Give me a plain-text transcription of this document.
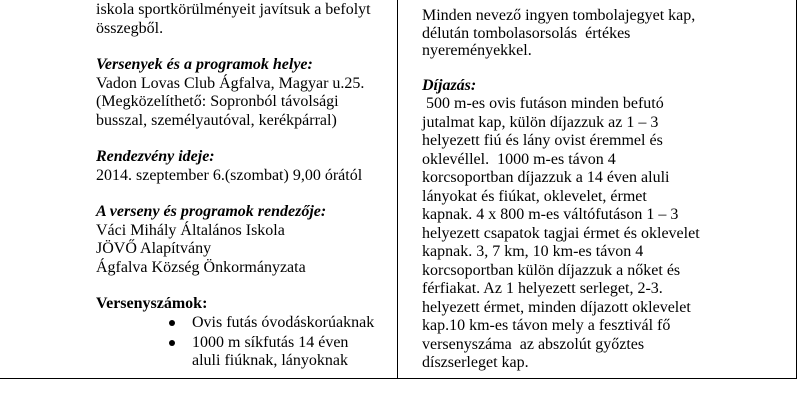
iskola sportkörülményeit javítsuk a befolyt
összegből.
Versenyek és a programok helye:
Vadon Lovas Club Ágfalva, Magyar u.25.
(Megközelíthető: Sopronból távolsági
busszal, személyautóval, kerékpárral)
Rendezvény ideje:
2014. szeptember 6.(szombat) 9,00 órától
A verseny és programok rendezője:
Váci Mihály Általános Iskola
JÖVŐ Alapítvány
Ágfalva Község Önkormányzata
Versenyszámok:
Ovis futás óvodáskorúaknak
1000 m síkfutás 14 éven
aluli fiúknak, lányoknak
Minden nevező ingyen tombolajegyet kap,
délután tombolasorsolás  értékes
nyereményekkel.
Díjazás:
500 m-es ovis futáson minden befutó
jutalmat kap, külön díjazzuk az 1 – 3
helyezett fiú és lány ovist éremmel és
oklevéllel.  1000 m-es távon 4
korcsoportban díjazzuk a 14 éven aluli
lányokat és fiúkat, oklevelet, érmet
kapnak. 4 x 800 m-es váltófutáson 1 – 3
helyezett csapatok tagjai érmet és oklevelet
kapnak. 3, 7 km, 10 km-es távon 4
korcsoportban külön díjazzuk a nőket és
férfiakat. Az 1 helyezett serleget, 2-3.
helyezett érmet, minden díjazott oklevelet
kap.10 km-es távon mely a fesztivál fő
versenyszáma  az abszolút győztes
díszserleget kap.
